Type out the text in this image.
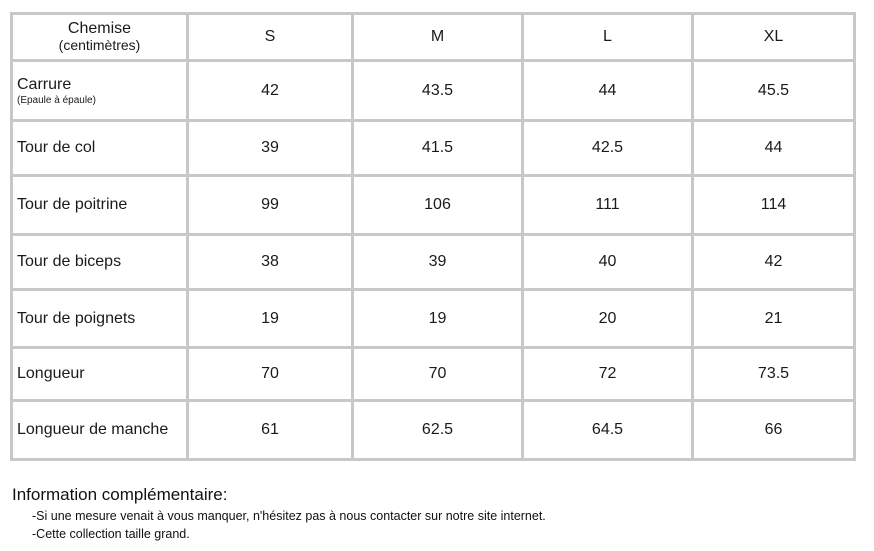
Chemise
(centimètres)	S	M	L	XL
Carrure
(Epaule à épaule)	42	43.5	44	45.5
Tour de col	39	41.5	42.5	44
Tour de poitrine	99	106	111	114
Tour de biceps	38	39	40	42
Tour de poignets	19	19	20	21
Longueur	70	70	72	73.5
Longueur de manche	61	62.5	64.5	66

Information complémentaire:

-Si une mesure venait à vous manquer, n'hésitez pas à nous contacter sur notre site internet.

-Cette collection taille grand.
